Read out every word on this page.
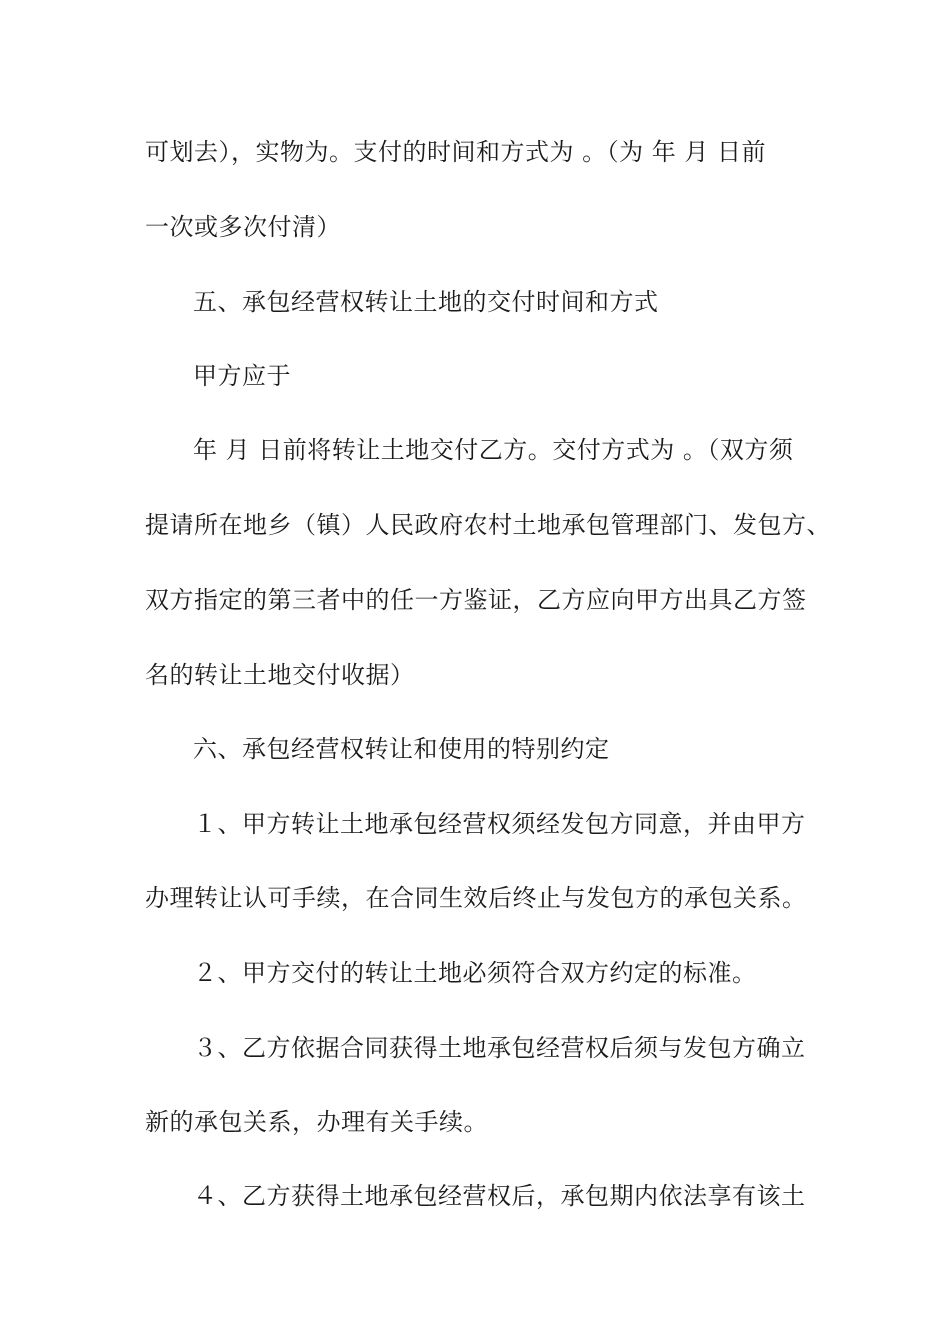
可划去），实物为。支付的时间和方式为 。（为 年 月 日前
一次或多次付清）
五、承包经营权转让土地的交付时间和方式
甲方应于
年 月 日前将转让土地交付乙方。交付方式为 。（双方须
提请所在地乡（镇）人民政府农村土地承包管理部门、发包方、
双方指定的第三者中的任一方鉴证，乙方应向甲方出具乙方签
名的转让土地交付收据）
六、承包经营权转让和使用的特别约定
１、甲方转让土地承包经营权须经发包方同意，并由甲方
办理转让认可手续，在合同生效后终止与发包方的承包关系。
２、甲方交付的转让土地必须符合双方约定的标准。
３、乙方依据合同获得土地承包经营权后须与发包方确立
新的承包关系，办理有关手续。
４、乙方获得土地承包经营权后，承包期内依法享有该土
